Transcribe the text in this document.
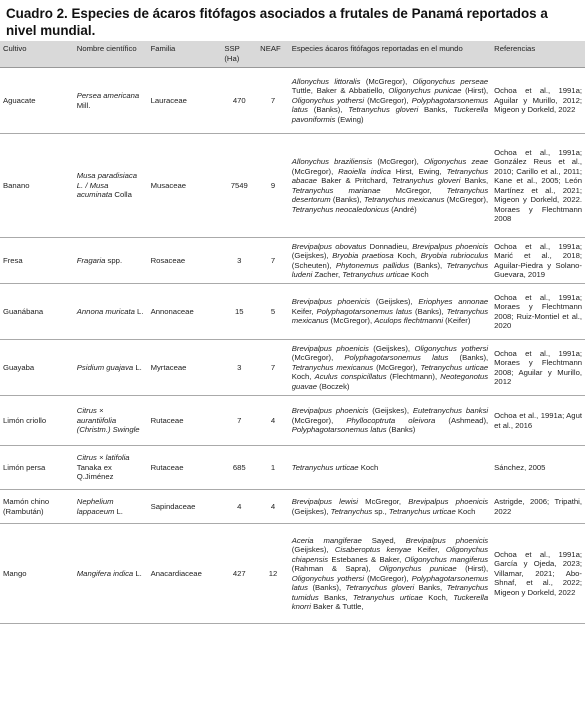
Cuadro 2. Especies de ácaros fitófagos asociados a frutales de Panamá reportados a nivel mundial.

Cultivo	Nombre científico	Familia	SSP (Ha)	NEAF	Especies ácaros fitófagos reportadas en el mundo	Referencias
Aguacate	Persea americana Mill.	Lauraceae	470	7	Allonychus littoralis (McGregor), Oligonychus perseae Tuttle, Baker & Abbatiello, Oligonychus punicae (Hirst), Oligonychus yothersi (McGregor), Polyphagotarsonemus latus (Banks), Tetranychus gloveri Banks, Tuckerella pavoniformis (Ewing)	Ochoa et al., 1991a; Aguilar y Murillo, 2012; Migeon y Dorkeld, 2022
Banano	Musa paradisiaca L. / Musa acuminata Colla	Musaceae	7549	9	Allonychus braziliensis (McGregor), Oligonychus zeae (McGregor), Raoiella indica Hirst, Ewing, Tetranychus abacae Baker & Pritchard, Tetranychus gloveri Banks, Tetranychus marianae McGregor, Tetranychus desertorum (Banks), Tetranychus mexicanus (McGregor), Tetranychus neocaledonicus (André)	Ochoa et al., 1991a; González Reus et al., 2010; Carillo et al., 2011; Kane et al., 2005; León Martínez et al., 2021; Migeon y Dorkeld, 2022. Moraes y Flechtmann 2008
Fresa	Fragaria spp.	Rosaceae	3	7	Brevipalpus obovatus Donnadieu, Brevipalpus phoenicis (Geijskes), Bryobia praetiosa Koch, Bryobia rubrioculus (Scheuten), Phytonemus pallidus (Banks), Tetranychus ludeni Zacher, Tetranychus urticae Koch	Ochoa et al., 1991a; Marić et al., 2018; Aguilar-Piedra y Solano-Guevara, 2019
Guanábana	Annona muricata L.	Annonaceae	15	5	Brevipalpus phoenicis (Geijskes), Eriophyes annonae Keifer, Polyphagotarsonemus latus (Banks), Tetranychus mexicanus (McGregor), Aculops flechtmanni (Keifer)	Ochoa et al., 1991a; Moraes y Flechtmann 2008; Ruiz-Montiel et al., 2020
Guayaba	Psidium guajava L.	Myrtaceae	3	7	Brevipalpus phoenicis (Geijskes), Oligonychus yothersi (McGregor), Polyphagotarsonemus latus (Banks), Tetranychus mexicanus (McGregor), Tetranychus urticae Koch, Aculus conspicillatus (Flechtmann), Neotegonotus guavae (Boczek)	Ochoa et al., 1991a; Moraes y Flechtmann 2008; Aguilar y Murillo, 2012
Limón criollo	Citrus × aurantiifolia (Christm.) Swingle	Rutaceae	7	4	Brevipalpus phoenicis (Geijskes), Eutetranychus banksi (McGregor), Phyllocoptruta oleivora (Ashmead), Polyphagotarsonemus latus (Banks)	Ochoa et al., 1991a; Agut et al., 2016
Limón persa	Citrus × latifolia Tanaka ex Q.Jiménez	Rutaceae	685	1	Tetranychus urticae Koch	Sánchez, 2005
Mamón chino (Rambután)	Nephelium lappaceum L.	Sapindaceae	4	4	Brevipalpus lewisi McGregor, Brevipalpus phoenicis (Geijskes), Tetranychus sp., Tetranychus urticae Koch	Astrigde, 2006; Tripathi, 2022
Mango	Mangifera indica L.	Anacardiaceae	427	12	Aceria mangiferae Sayed, Brevipalpus phoenicis (Geijskes), Cisaberoptus kenyae Keifer, Oligonychus chiapensis Estebanes & Baker, Oligonychus mangiferus (Rahman & Sapra), Oligonychus punicae (Hirst), Oligonychus yothersi (McGregor), Polyphagotarsonemus latus (Banks), Tetranychus gloveri Banks, Tetranychus tumidus Banks, Tetranychus urticae Koch, Tuckerella knorri Baker & Tuttle,	Ochoa et al., 1991a; García y Ojeda, 2023; Villamar, 2021; Abo-Shnaf, et al., 2022; Migeon y Dorkeld, 2022
